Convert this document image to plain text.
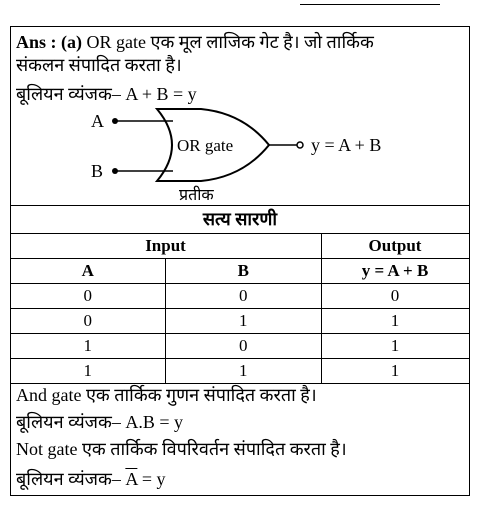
Ans : (a) OR gate एक मूल लाजिक गेट है। जो तार्किक
संकलन संपादित करता है।
बूलियन व्यंजक– A + B = y
A
B
OR gate	y = A + B
प्रतीक
सत्य सारणी
Input		Output
A	B	y = A + B
0	0	0
0	1	1
1	0	1
1	1	1
And gate एक तार्किक गुणन संपादित करता है।
बूलियन व्यंजक– A.B = y
Not gate एक तार्किक विपरिवर्तन संपादित करता है।
बूलियन व्यंजक– $\overline{A} = y$
